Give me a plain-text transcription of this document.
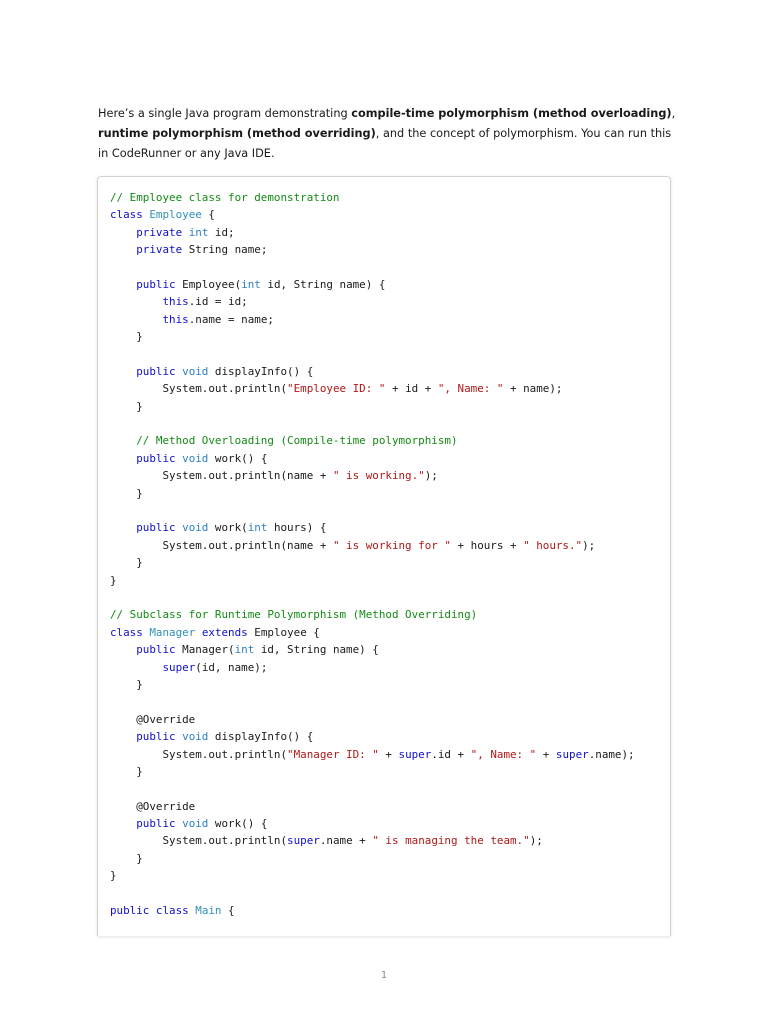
Here’s a single Java program demonstrating compile-time polymorphism (method overloading), runtime polymorphism (method overriding), and the concept of polymorphism. You can run this in CodeRunner or any Java IDE.

// Employee class for demonstration
class Employee {
private int id;
private String name;
public Employee(int id, String name) {
this.id = id;
this.name = name;
}
public void displayInfo() {
System.out.println("Employee ID: " + id + ", Name: " + name);
}
// Method Overloading (Compile-time polymorphism)
public void work() {
System.out.println(name + " is working.");
}
public void work(int hours) {
System.out.println(name + " is working for " + hours + " hours.");
}
}
// Subclass for Runtime Polymorphism (Method Overriding)
class Manager extends Employee {
public Manager(int id, String name) {
super(id, name);
}
@Override
public void displayInfo() {
System.out.println("Manager ID: " + super.id + ", Name: " + super.name);
}
@Override
public void work() {
System.out.println(super.name + " is managing the team.");
}
}
public class Main {
1
